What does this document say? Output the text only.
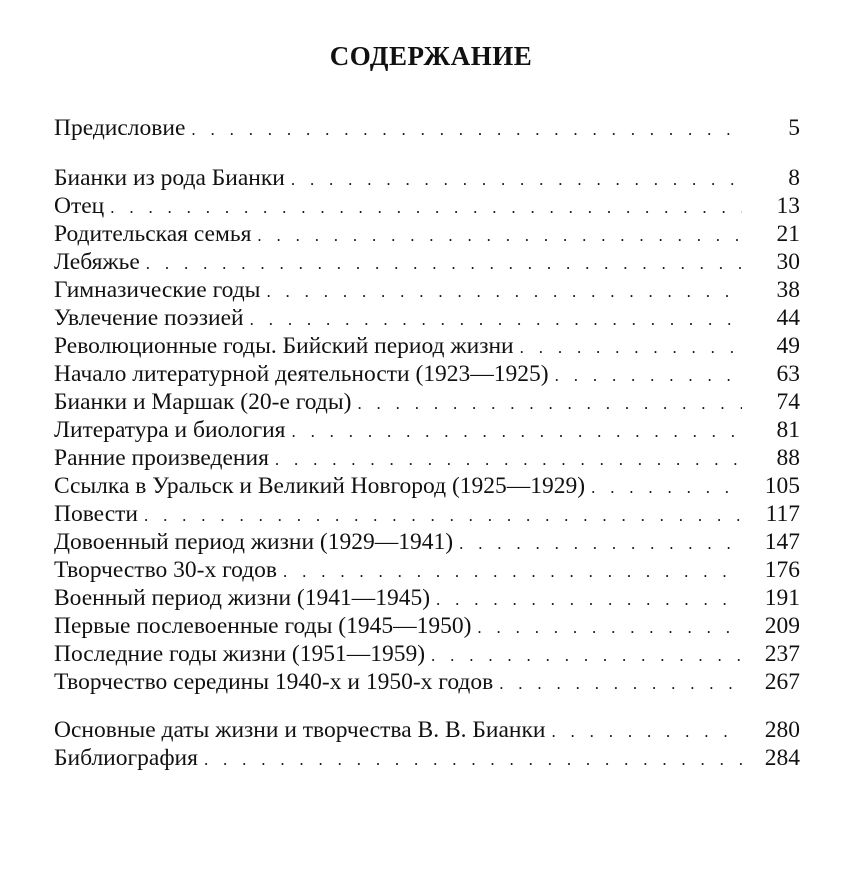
СОДЕРЖАНИЕ
Предисловие . . .	5
Бианки из рода Бианки . . .	8
Отец . . .	13
Родительская семья . . .	21
Лебяжье . . .	30
Гимназические годы . . .	38
Увлечение поэзией . . .	44
Революционные годы. Бийский период жизни . . .	49
Начало литературной деятельности (1923—1925) . . .	63
Бианки и Маршак (20-е годы) . . .	74
Литература и биология . . .	81
Ранние произведения . . .	88
Ссылка в Уральск и Великий Новгород (1925—1929) . . .	105
Повести . . .	117
Довоенный период жизни (1929—1941) . . .	147
Творчество 30-х годов . . .	176
Военный период жизни (1941—1945) . . .	191
Первые послевоенные годы (1945—1950) . . .	209
Последние годы жизни (1951—1959) . . .	237
Творчество середины 1940-х и 1950-х годов . . .	267
Основные даты жизни и творчества В. В. Бианки . . .	280
Библиография . . .	284
